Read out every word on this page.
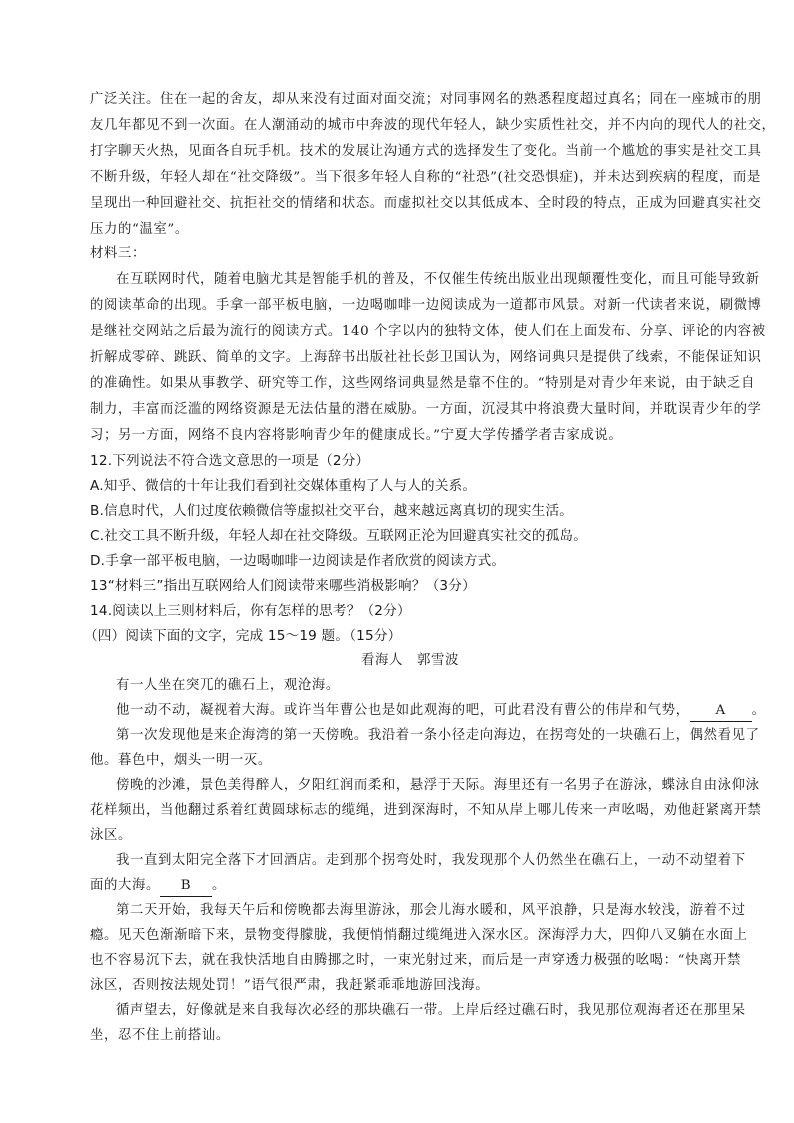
广泛关注。住在一起的舍友，却从来没有过面对面交流；对同事网名的熟悉程度超过真名；同在一座城市的朋
友几年都见不到一次面。在人潮涌动的城市中奔波的现代年轻人，缺少实质性社交，并不内向的现代人的社交，
打字聊天火热，见面各自玩手机。技术的发展让沟通方式的选择发生了变化。当前一个尴尬的事实是社交工具
不断升级，年轻人却在“社交降级”。当下很多年轻人自称的“社恐”(社交恐惧症)，并未达到疾病的程度，而是
呈现出一种回避社交、抗拒社交的情绪和状态。而虚拟社交以其低成本、全时段的特点，正成为回避真实社交
压力的“温室”。
材料三：
在互联网时代，随着电脑尤其是智能手机的普及，不仅催生传统出版业出现颠覆性变化，而且可能导致新
的阅读革命的出现。手拿一部平板电脑，一边喝咖啡一边阅读成为一道都市风景。对新一代读者来说，刷微博
是继社交网站之后最为流行的阅读方式。140 个字以内的独特文体，使人们在上面发布、分享、评论的内容被
折解成零碎、跳跃、简单的文字。上海辞书出版社社长彭卫国认为，网络词典只是提供了线索，不能保证知识
的准确性。如果从事教学、研究等工作，这些网络词典显然是靠不住的。“特别是对青少年来说，由于缺乏自
制力，丰富而泛滥的网络资源是无法估量的潜在威胁。一方面，沉浸其中将浪费大量时间，并耽误青少年的学
习；另一方面，网络不良内容将影响青少年的健康成长。”宁夏大学传播学者吉家成说。
12.下列说法不符合选文意思的一项是（2分）
A.知乎、微信的十年让我们看到社交媒体重构了人与人的关系。
B.信息时代，人们过度依赖微信等虚拟社交平台，越来越远离真切的现实生活。
C.社交工具不断升级，年轻人却在社交降级。互联网正沦为回避真实社交的孤岛。
D.手拿一部平板电脑，一边喝咖啡一边阅读是作者欣赏的阅读方式。
13“材料三”指出互联网给人们阅读带来哪些消极影响？（3分）
14.阅读以上三则材料后，你有怎样的思考？（2分）
（四）阅读下面的文字，完成 15～19 题。（15分）
看海人　郭雪波
有一人坐在突兀的礁石上，观沧海。
他一动不动，凝视着大海。或许当年曹公也是如此观海的吧，可此君没有曹公的伟岸和气势， A 。
第一次发现他是来企海湾的第一天傍晚。我沿着一条小径走向海边，在拐弯处的一块礁石上，偶然看见了
他。暮色中，烟头一明一灭。
傍晚的沙滩，景色美得醉人，夕阳红润而柔和，悬浮于天际。海里还有一名男子在游泳，蝶泳自由泳仰泳
花样频出，当他翻过系着红黄圆球标志的缆绳，进到深海时，不知从岸上哪儿传来一声吆喝，劝他赶紧离开禁
泳区。
我一直到太阳完全落下才回酒店。走到那个拐弯处时，我发现那个人仍然坐在礁石上，一动不动望着下
面的大海。 B 。
第二天开始，我每天午后和傍晚都去海里游泳，那会儿海水暖和，风平浪静，只是海水较浅，游着不过
瘾。见天色渐渐暗下来，景物变得朦胧，我便悄悄翻过缆绳进入深水区。深海浮力大，四仰八叉躺在水面上
也不容易沉下去，就在我快活地自由腾挪之时，一束光射过来，而后是一声穿透力极强的吆喝：“快离开禁
泳区，否则按法规处罚！”语气很严肃，我赶紧乖乖地游回浅海。
循声望去，好像就是来自我每次必经的那块礁石一带。上岸后经过礁石时，我见那位观海者还在那里呆
坐，忍不住上前搭讪。
